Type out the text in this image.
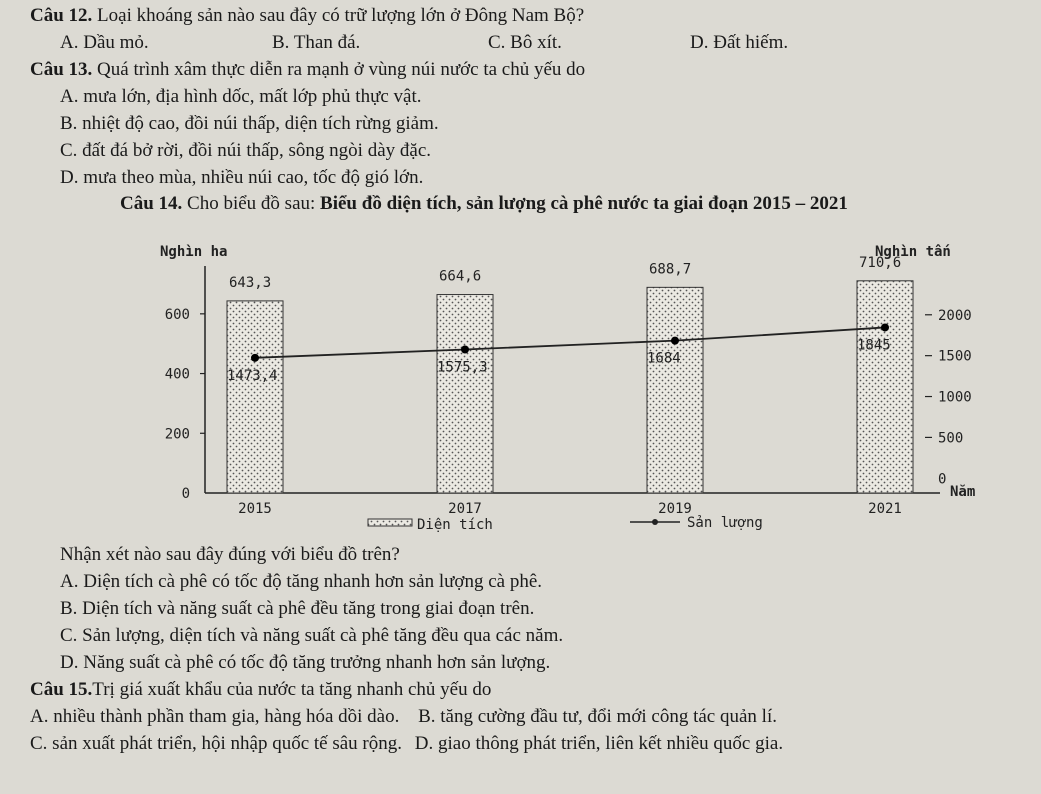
Câu 12. Loại khoáng sản nào sau đây có trữ lượng lớn ở Đông Nam Bộ?
A. Dầu mỏ.	B. Than đá.	C. Bô xít.	D. Đất hiếm.
Câu 13. Quá trình xâm thực diễn ra mạnh ở vùng núi nước ta chủ yếu do
A. mưa lớn, địa hình dốc, mất lớp phủ thực vật.
B. nhiệt độ cao, đồi núi thấp, diện tích rừng giảm.
C. đất đá bở rời, đồi núi thấp, sông ngòi dày đặc.
D. mưa theo mùa, nhiều núi cao, tốc độ gió lớn.
Câu 14. Cho biểu đồ sau: Biểu đồ diện tích, sản lượng cà phê nước ta giai đoạn 2015 – 2021
Nghìn ha	Nghìn tấn
0
200
400
600
0
500
1000
1500
2000
643,3	664,6	688,7	710,6
1473,4
1575,3
1684
1845
2015	2017	2019	2021
Năm
Diện tích	Sản lượng
Nhận xét nào sau đây đúng với biểu đồ trên?
A. Diện tích cà phê có tốc độ tăng nhanh hơn sản lượng cà phê.
B. Diện tích và năng suất cà phê đều tăng trong giai đoạn trên.
C. Sản lượng, diện tích và năng suất cà phê tăng đều qua các năm.
D. Năng suất cà phê có tốc độ tăng trưởng nhanh hơn sản lượng.
Câu 15.Trị giá xuất khẩu của nước ta tăng nhanh chủ yếu do
A. nhiều thành phần tham gia, hàng hóa dồi dào. B. tăng cường đầu tư, đổi mới công tác quản lí.
C. sản xuất phát triển, hội nhập quốc tế sâu rộng. D. giao thông phát triển, liên kết nhiều quốc gia.
